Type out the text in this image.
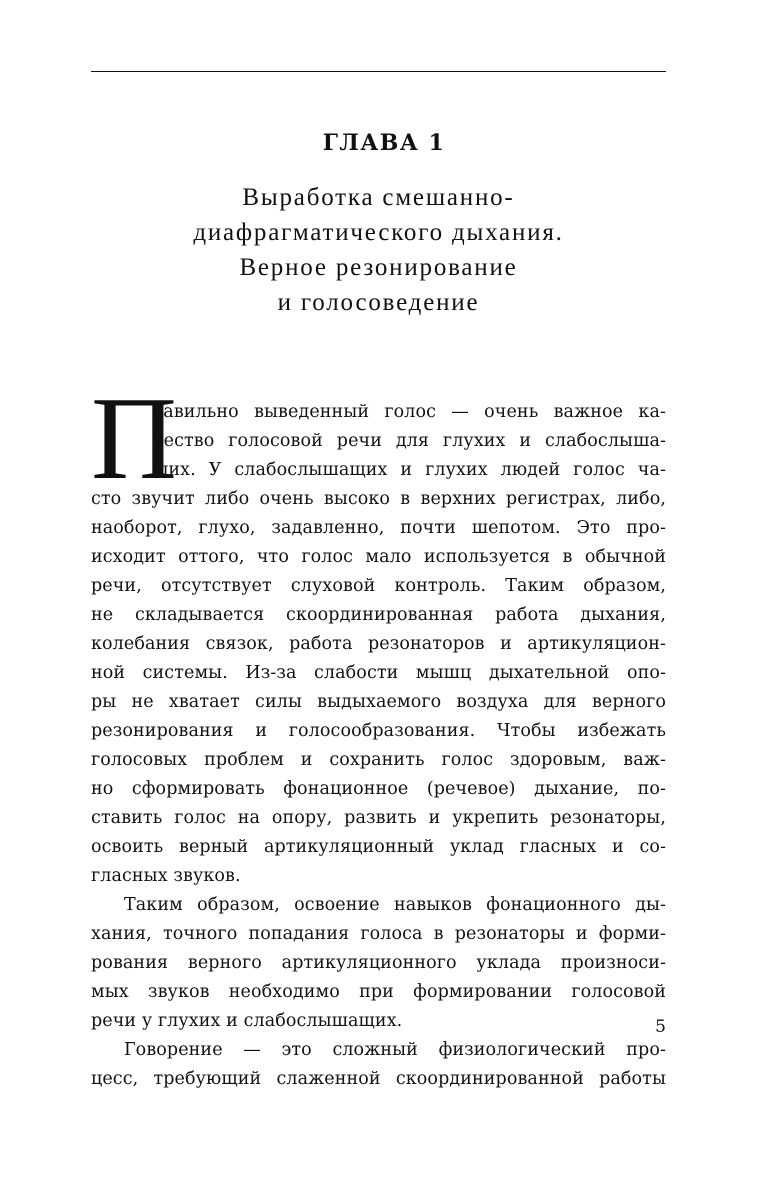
ГЛАВА 1
Выработка смешанно-
диафрагматического дыхания.
Верное резонирование
и голосоведение
П
равильно выведенный голос — очень важное ка-
чество голосовой речи для глухих и слабослыша-
щих. У слабослышащих и глухих людей голос ча-
сто звучит либо очень высоко в верхних регистрах, либо,
наоборот, глухо, задавленно, почти шепотом. Это про-
исходит оттого, что голос мало используется в обычной
речи, отсутствует слуховой контроль. Таким образом,
не складывается скоординированная работа дыхания,
колебания связок, работа резонаторов и артикуляцион-
ной системы. Из-за слабости мышц дыхательной опо-
ры не хватает силы выдыхаемого воздуха для верного
резонирования и голосообразования. Чтобы избежать
голосовых проблем и сохранить голос здоровым, важ-
но сформировать фонационное (речевое) дыхание, по-
ставить голос на опору, развить и укрепить резонаторы,
освоить верный артикуляционный уклад гласных и со-
гласных звуков.
Таким образом, освоение навыков фонационного ды-
хания, точного попадания голоса в резонаторы и форми-
рования верного артикуляционного уклада произноси-
мых звуков необходимо при формировании голосовой
речи у глухих и слабослышащих.
Говорение — это сложный физиологический про-
цесс, требующий слаженной скоординированной работы
5
